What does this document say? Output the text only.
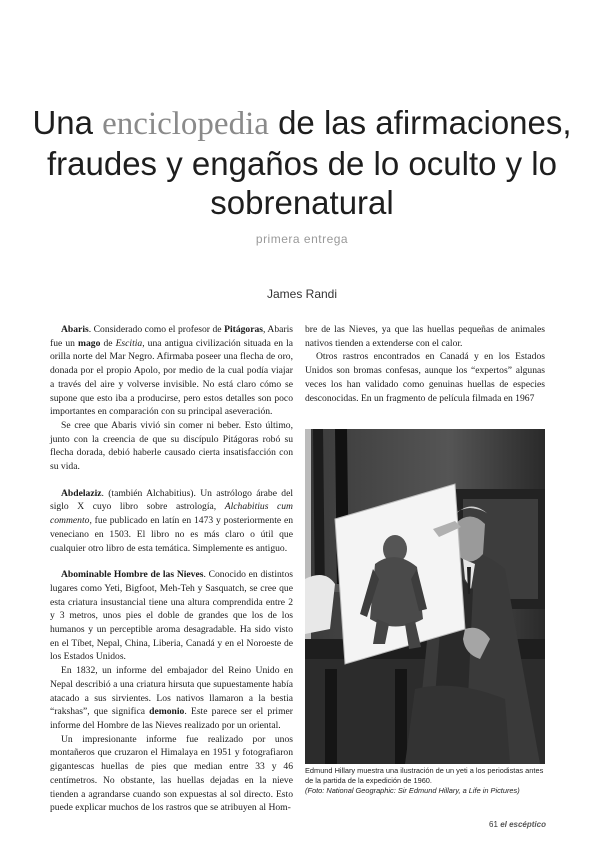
Una enciclopedia de las afirmaciones, fraudes y engaños de lo oculto y lo sobrenatural
primera entrega
James Randi

Abaris. Considerado como el profesor de Pitágoras, Abaris fue un mago de Escitia, una antigua civilización situada en la orilla norte del Mar Negro. Afirmaba poseer una flecha de oro, donada por el propio Apolo, por medio de la cual podía viajar a través del aire y volverse invisible. No está claro cómo se supone que esto iba a producirse, pero estos detalles son poco importantes en comparación con su principal aseveración.

Se cree que Abaris vivió sin comer ni beber. Esto último, junto con la creencia de que su discípulo Pitágoras robó su flecha dorada, debió haberle causado cierta insatisfacción con su vida.

Abdelaziz. (también Alchabitius). Un astrólogo árabe del siglo X cuyo libro sobre astrología, Alchabitius cum commento, fue publicado en latín en 1473 y posteriormente en veneciano en 1503. El libro no es más claro o útil que cualquier otro libro de esta temática. Simplemente es antiguo.

Abominable Hombre de las Nieves. Conocido en distintos lugares como Yeti, Bigfoot, Meh-Teh y Sasquatch, se cree que esta criatura insustancial tiene una altura comprendida entre 2 y 3 metros, unos pies el doble de grandes que los de los humanos y un perceptible aroma desagradable. Ha sido visto en el Tíbet, Nepal, China, Liberia, Canadá y en el Noroeste de los Estados Unidos.

En 1832, un informe del embajador del Reino Unido en Nepal describió a una criatura hirsuta que supuestamente había atacado a sus sirvientes. Los nativos llamaron a la bestia “rakshas”, que significa demonio. Este parece ser el primer informe del Hombre de las Nieves realizado por un oriental.

Un impresionante informe fue realizado por unos montañeros que cruzaron el Himalaya en 1951 y fotografiaron gigantescas huellas de pies que median entre 33 y 46 centímetros. No obstante, las huellas dejadas en la nieve tienden a agrandarse cuando son expuestas al sol directo. Esto puede explicar muchos de los rastros que se atribuyen al Hom-

bre de las Nieves, ya que las huellas pequeñas de animales nativos tienden a extenderse con el calor.

Otros rastros encontrados en Canadá y en los Estados Unidos son bromas confesas, aunque los “expertos” algunas veces los han validado como genuinas huellas de especies desconocidas. En un fragmento de película filmada en 1967

Edmund Hillary muestra una ilustración de un yeti a los periodistas antes de la partida de la expedición de 1960.
(Foto: National Geographic: Sir Edmund Hillary, a Life in Pictures)
61 el escéptico
